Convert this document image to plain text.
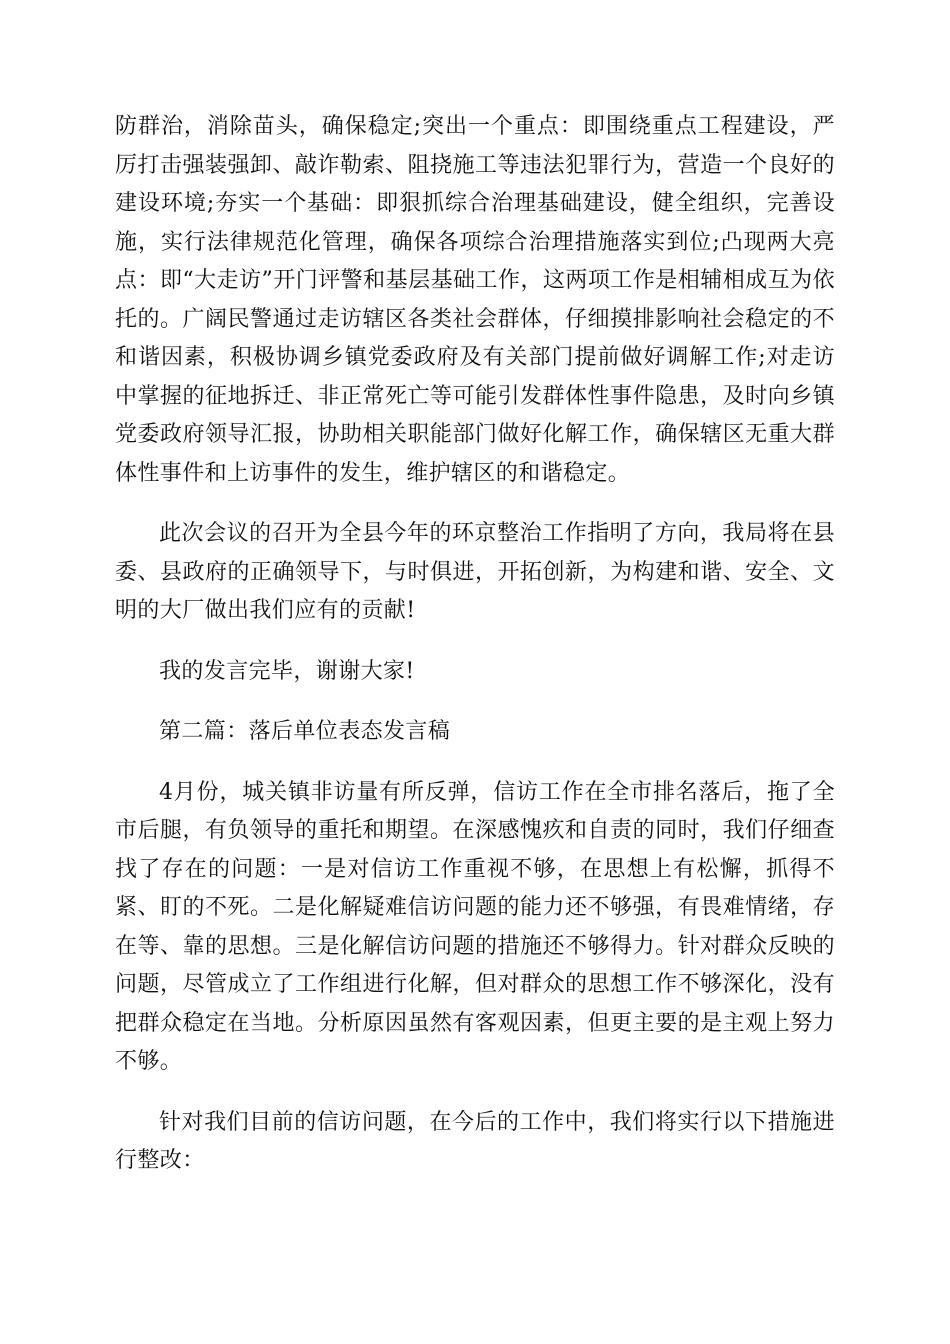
防群治，消除苗头，确保稳定;突出一个重点：即围绕重点工程建设，严厉打击强装强卸、敲诈勒索、阻挠施工等违法犯罪行为，营造一个良好的建设环境;夯实一个基础：即狠抓综合治理基础建设，健全组织，完善设施，实行法律规范化管理，确保各项综合治理措施落实到位;凸现两大亮点：即“大走访”开门评警和基层基础工作，这两项工作是相辅相成互为依托的。广阔民警通过走访辖区各类社会群体，仔细摸排影响社会稳定的不和谐因素，积极协调乡镇党委政府及有关部门提前做好调解工作;对走访中掌握的征地拆迁、非正常死亡等可能引发群体性事件隐患，及时向乡镇党委政府领导汇报，协助相关职能部门做好化解工作，确保辖区无重大群体性事件和上访事件的发生，维护辖区的和谐稳定。

此次会议的召开为全县今年的环京整治工作指明了方向，我局将在县委、县政府的正确领导下，与时俱进，开拓创新，为构建和谐、安全、文明的大厂做出我们应有的贡献!

我的发言完毕，谢谢大家!

第二篇：落后单位表态发言稿

4月份，城关镇非访量有所反弹，信访工作在全市排名落后，拖了全市后腿，有负领导的重托和期望。在深感愧疚和自责的同时，我们仔细查找了存在的问题：一是对信访工作重视不够，在思想上有松懈，抓得不紧、盯的不死。二是化解疑难信访问题的能力还不够强，有畏难情绪，存在等、靠的思想。三是化解信访问题的措施还不够得力。针对群众反映的问题，尽管成立了工作组进行化解，但对群众的思想工作不够深化，没有把群众稳定在当地。分析原因虽然有客观因素，但更主要的是主观上努力不够。

针对我们目前的信访问题，在今后的工作中，我们将实行以下措施进行整改：
